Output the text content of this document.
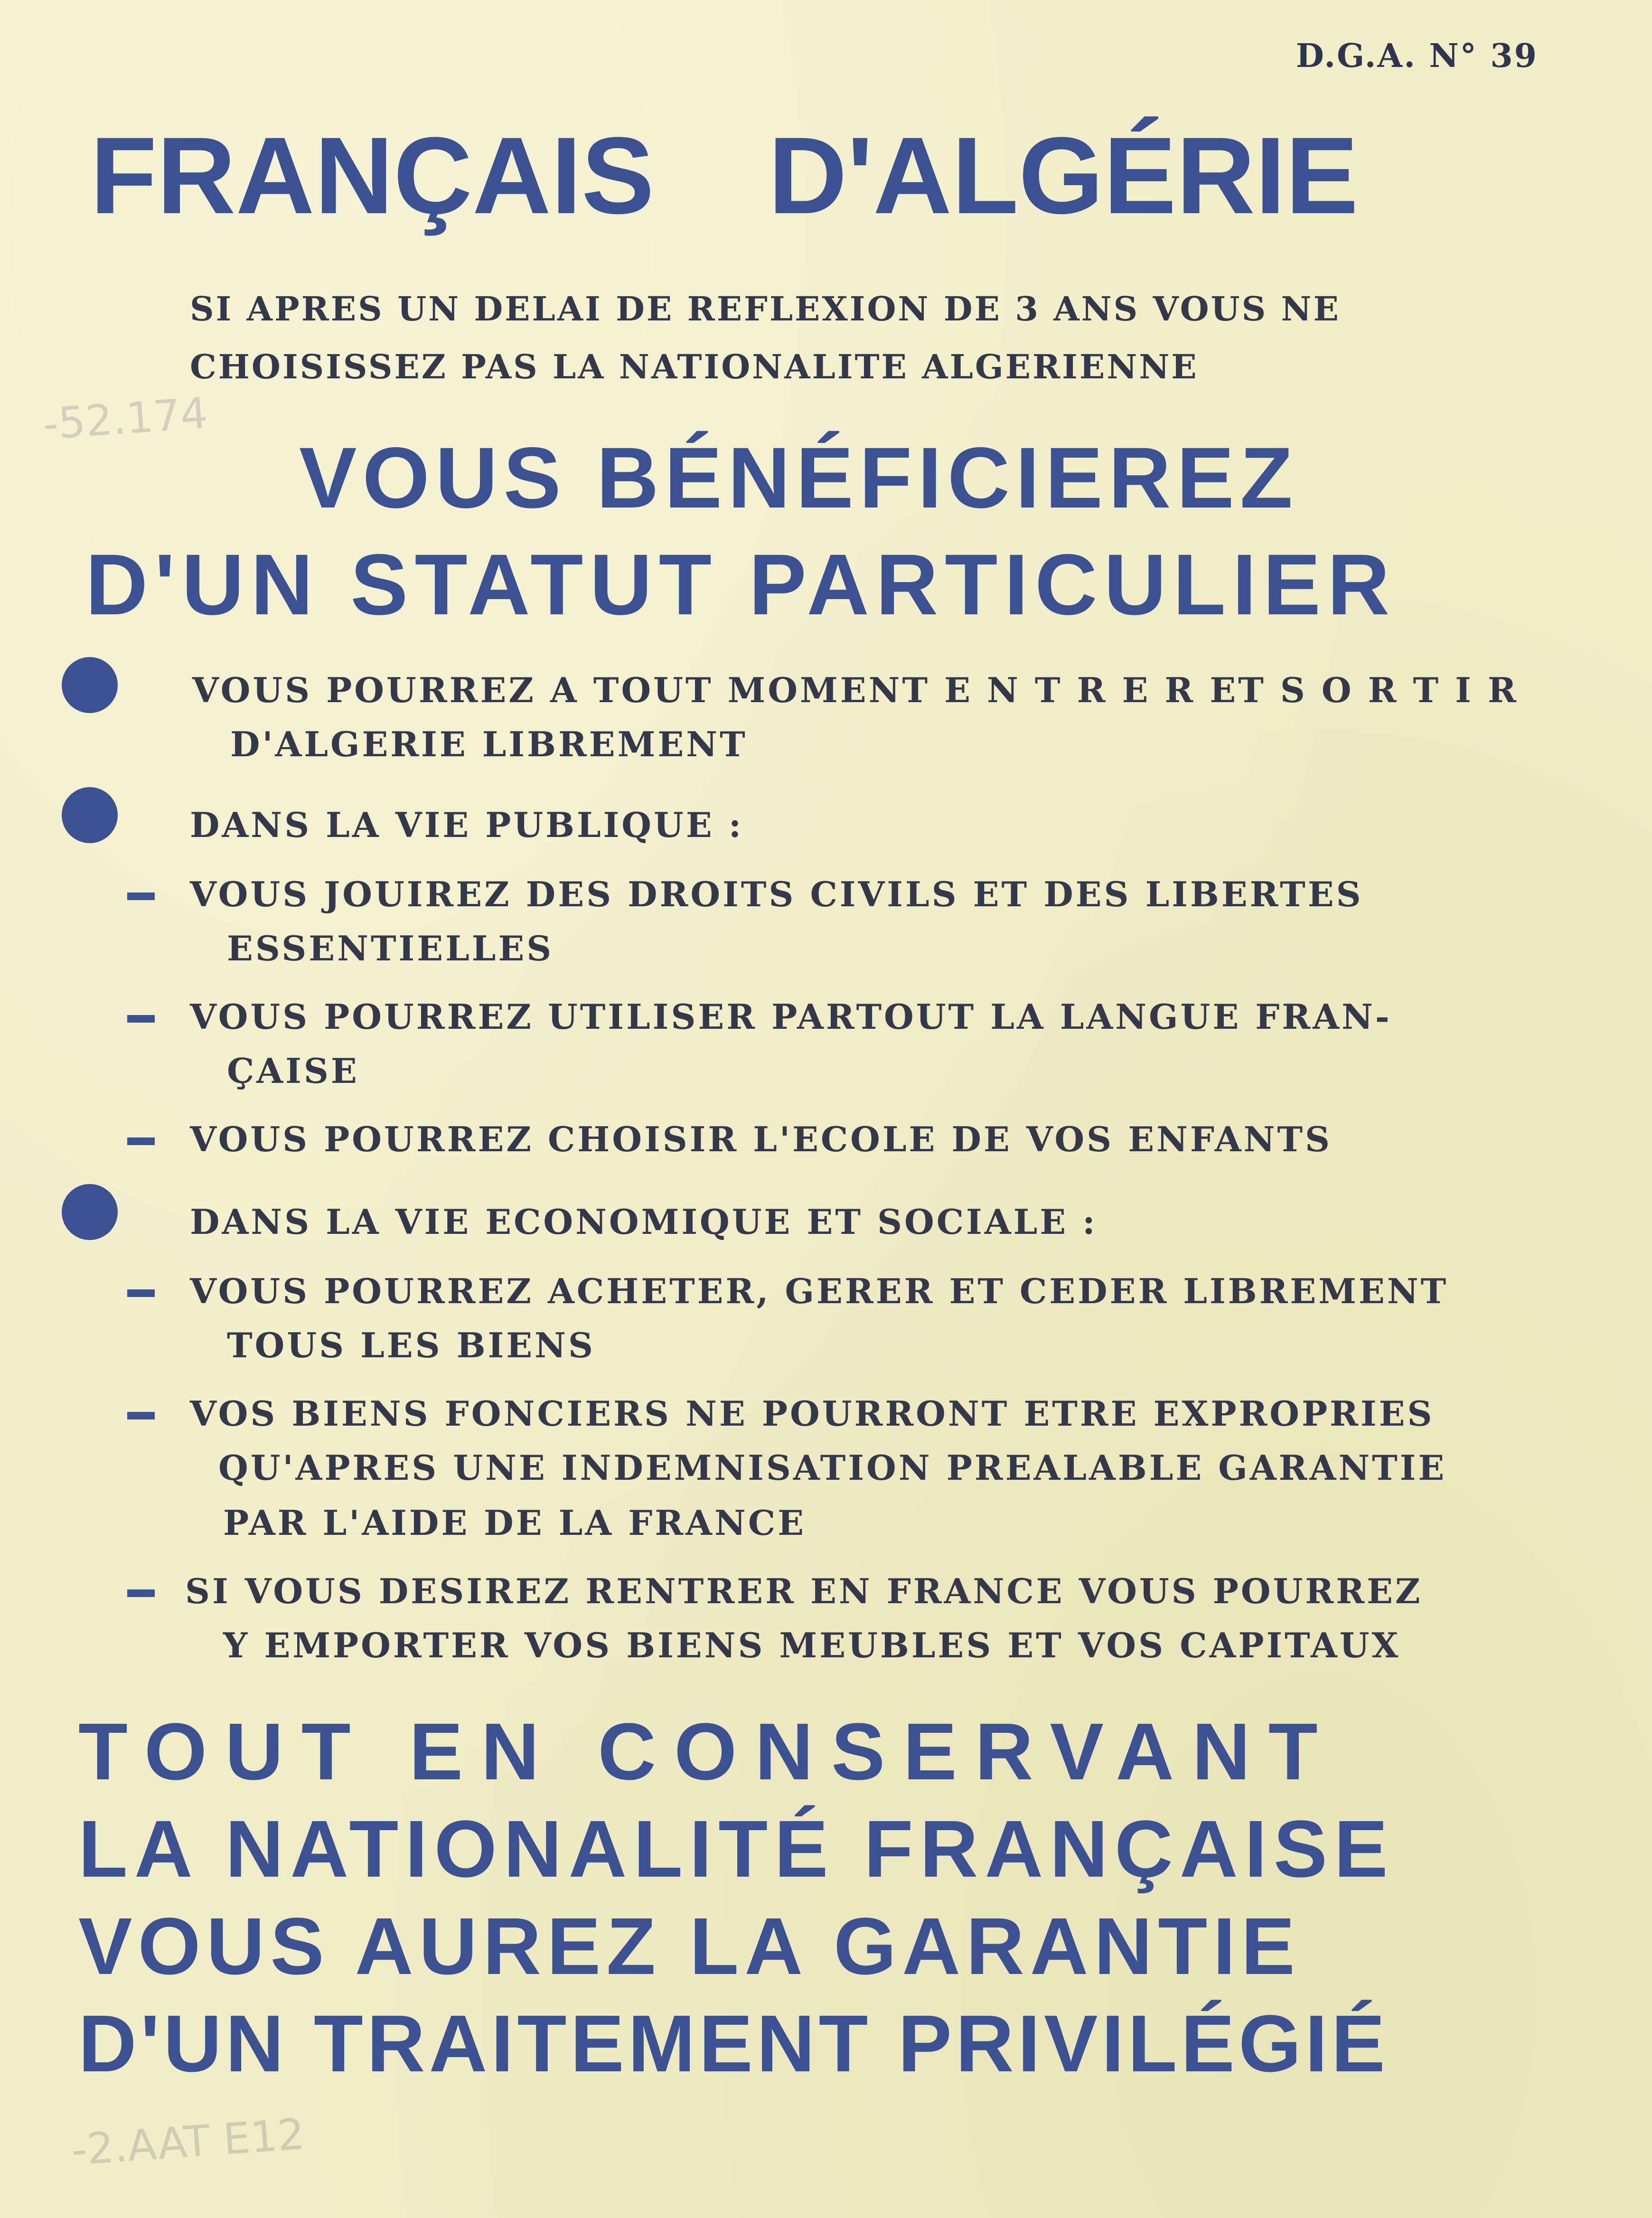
D.G.A. N° 39
FRANÇAIS D'ALGÉRIE
SI APRES UN DELAI DE REFLEXION DE 3 ANS VOUS NE
CHOISISSEZ PAS LA NATIONALITE ALGERIENNE
-52.174
VOUS BÉNÉFICIEREZ
D'UN STATUT PARTICULIER
VOUS POURREZ A TOUT MOMENT E N T R E R ET S O R T I R
D'ALGERIE LIBREMENT
DANS LA VIE PUBLIQUE :
VOUS JOUIREZ DES DROITS CIVILS ET DES LIBERTES
ESSENTIELLES
VOUS POURREZ UTILISER PARTOUT LA LANGUE FRAN-
ÇAISE
VOUS POURREZ CHOISIR L'ECOLE DE VOS ENFANTS
DANS LA VIE ECONOMIQUE ET SOCIALE :
VOUS POURREZ ACHETER, GERER ET CEDER LIBREMENT
TOUS LES BIENS
VOS BIENS FONCIERS NE POURRONT ETRE EXPROPRIES
QU'APRES UNE INDEMNISATION PREALABLE GARANTIE
PAR L'AIDE DE LA FRANCE
SI VOUS DESIREZ RENTRER EN FRANCE VOUS POURREZ
Y EMPORTER VOS BIENS MEUBLES ET VOS CAPITAUX
TOUT EN CONSERVANT
LA NATIONALITÉ FRANÇAISE
VOUS AUREZ LA GARANTIE
D'UN TRAITEMENT PRIVILÉGIÉ
-2.AAT E12
